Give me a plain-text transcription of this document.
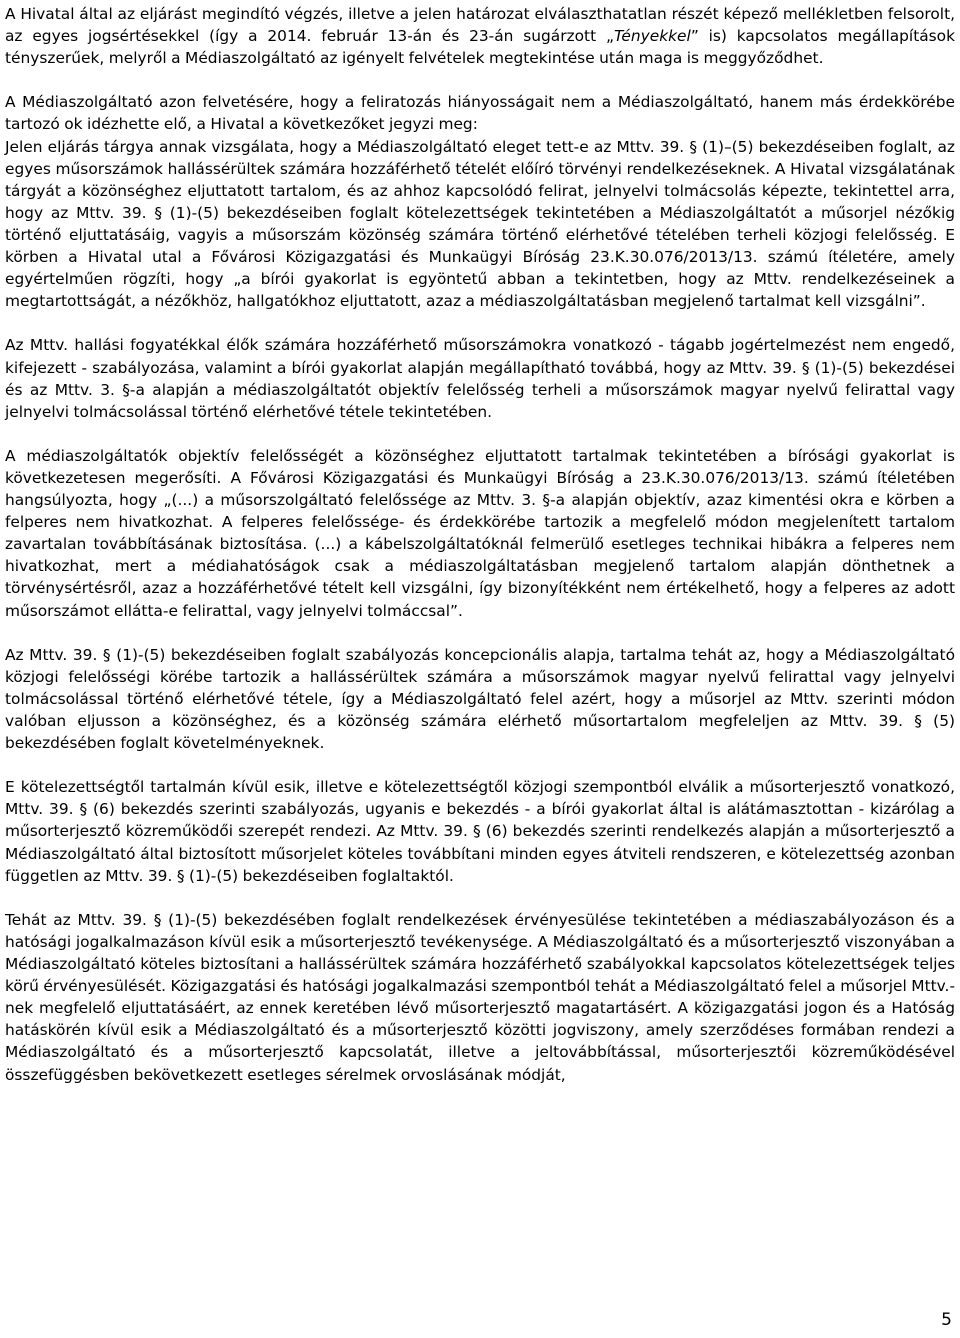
A Hivatal által az eljárást megindító végzés, illetve a jelen határozat elválaszthatatlan részét képező mellékletben felsorolt, az egyes jogsértésekkel (így a 2014. február 13-án és 23-án sugárzott „Tényekkel” is) kapcsolatos megállapítások tényszerűek, melyről a Médiaszolgáltató az igényelt felvételek megtekintése után maga is meggyőződhet.

A Médiaszolgáltató azon felvetésére, hogy a feliratozás hiányosságait nem a Médiaszolgáltató, hanem más érdekkörébe tartozó ok idézhette elő, a Hivatal a következőket jegyzi meg:

Jelen eljárás tárgya annak vizsgálata, hogy a Médiaszolgáltató eleget tett-e az Mttv. 39. § (1)–(5) bekezdéseiben foglalt, az egyes műsorszámok hallássérültek számára hozzáférhető tételét előíró törvényi rendelkezéseknek. A Hivatal vizsgálatának tárgyát a közönséghez eljuttatott tartalom, és az ahhoz kapcsolódó felirat, jelnyelvi tolmácsolás képezte, tekintettel arra, hogy az Mttv. 39. § (1)-(5) bekezdéseiben foglalt kötelezettségek tekintetében a Médiaszolgáltatót a műsorjel nézőkig történő eljuttatásáig, vagyis a műsorszám közönség számára történő elérhetővé tételében terheli közjogi felelősség. E körben a Hivatal utal a Fővárosi Közigazgatási és Munkaügyi Bíróság 23.K.30.076/2013/13. számú ítéletére, amely egyértelműen rögzíti, hogy „a bírói gyakorlat is egyöntetű abban a tekintetben, hogy az Mttv. rendelkezéseinek a megtartottságát, a nézőkhöz, hallgatókhoz eljuttatott, azaz a médiaszolgáltatásban megjelenő tartalmat kell vizsgálni”.

Az Mttv. hallási fogyatékkal élők számára hozzáférhető műsorszámokra vonatkozó - tágabb jogértelmezést nem engedő, kifejezett - szabályozása, valamint a bírói gyakorlat alapján megállapítható továbbá, hogy az Mttv. 39. § (1)-(5) bekezdései és az Mttv. 3. §-a alapján a médiaszolgáltatót objektív felelősség terheli a műsorszámok magyar nyelvű felirattal vagy jelnyelvi tolmácsolással történő elérhetővé tétele tekintetében.

A médiaszolgáltatók objektív felelősségét a közönséghez eljuttatott tartalmak tekintetében a bírósági gyakorlat is következetesen megerősíti. A Fővárosi Közigazgatási és Munkaügyi Bíróság a 23.K.30.076/2013/13. számú ítéletében hangsúlyozta, hogy „(...) a műsorszolgáltató felelőssége az Mttv. 3. §-a alapján objektív, azaz kimentési okra e körben a felperes nem hivatkozhat. A felperes felelőssége- és érdekkörébe tartozik a megfelelő módon megjelenített tartalom zavartalan továbbításának biztosítása. (...) a kábelszolgáltatóknál felmerülő esetleges technikai hibákra a felperes nem hivatkozhat, mert a médiahatóságok csak a médiaszolgáltatásban megjelenő tartalom alapján dönthetnek a törvénysértésről, azaz a hozzáférhetővé tételt kell vizsgálni, így bizonyítékként nem értékelhető, hogy a felperes az adott műsorszámot ellátta-e felirattal, vagy jelnyelvi tolmáccsal”.

Az Mttv. 39. § (1)-(5) bekezdéseiben foglalt szabályozás koncepcionális alapja, tartalma tehát az, hogy a Médiaszolgáltató közjogi felelősségi körébe tartozik a hallássérültek számára a műsorszámok magyar nyelvű felirattal vagy jelnyelvi tolmácsolással történő elérhetővé tétele, így a Médiaszolgáltató felel azért, hogy a műsorjel az Mttv. szerinti módon valóban eljusson a közönséghez, és a közönség számára elérhető műsortartalom megfeleljen az Mttv. 39. § (5) bekezdésében foglalt követelményeknek.

E kötelezettségtől tartalmán kívül esik, illetve e kötelezettségtől közjogi szempontból elválik a műsorterjesztő vonatkozó, Mttv. 39. § (6) bekezdés szerinti szabályozás, ugyanis e bekezdés - a bírói gyakorlat által is alátámasztottan - kizárólag a műsorterjesztő közreműködői szerepét rendezi. Az Mttv. 39. § (6) bekezdés szerinti rendelkezés alapján a műsorterjesztő a Médiaszolgáltató által biztosított műsorjelet köteles továbbítani minden egyes átviteli rendszeren, e kötelezettség azonban független az Mttv. 39. § (1)-(5) bekezdéseiben foglaltaktól.

Tehát az Mttv. 39. § (1)-(5) bekezdésében foglalt rendelkezések érvényesülése tekintetében a médiaszabályozáson és a hatósági jogalkalmazáson kívül esik a műsorterjesztő tevékenysége. A Médiaszolgáltató és a műsorterjesztő viszonyában a Médiaszolgáltató köteles biztosítani a hallássérültek számára hozzáférhető szabályokkal kapcsolatos kötelezettségek teljes körű érvényesülését. Közigazgatási és hatósági jogalkalmazási szempontból tehát a Médiaszolgáltató felel a műsorjel Mttv.-nek megfelelő eljuttatásáért, az ennek keretében lévő műsorterjesztő magatartásért. A közigazgatási jogon és a Hatóság hatáskörén kívül esik a Médiaszolgáltató és a műsorterjesztő közötti jogviszony, amely szerződéses formában rendezi a Médiaszolgáltató és a műsorterjesztő kapcsolatát, illetve a jeltovábbítással, műsorterjesztői közreműködésével összefüggésben bekövetkezett esetleges sérelmek orvoslásának módját,

5
